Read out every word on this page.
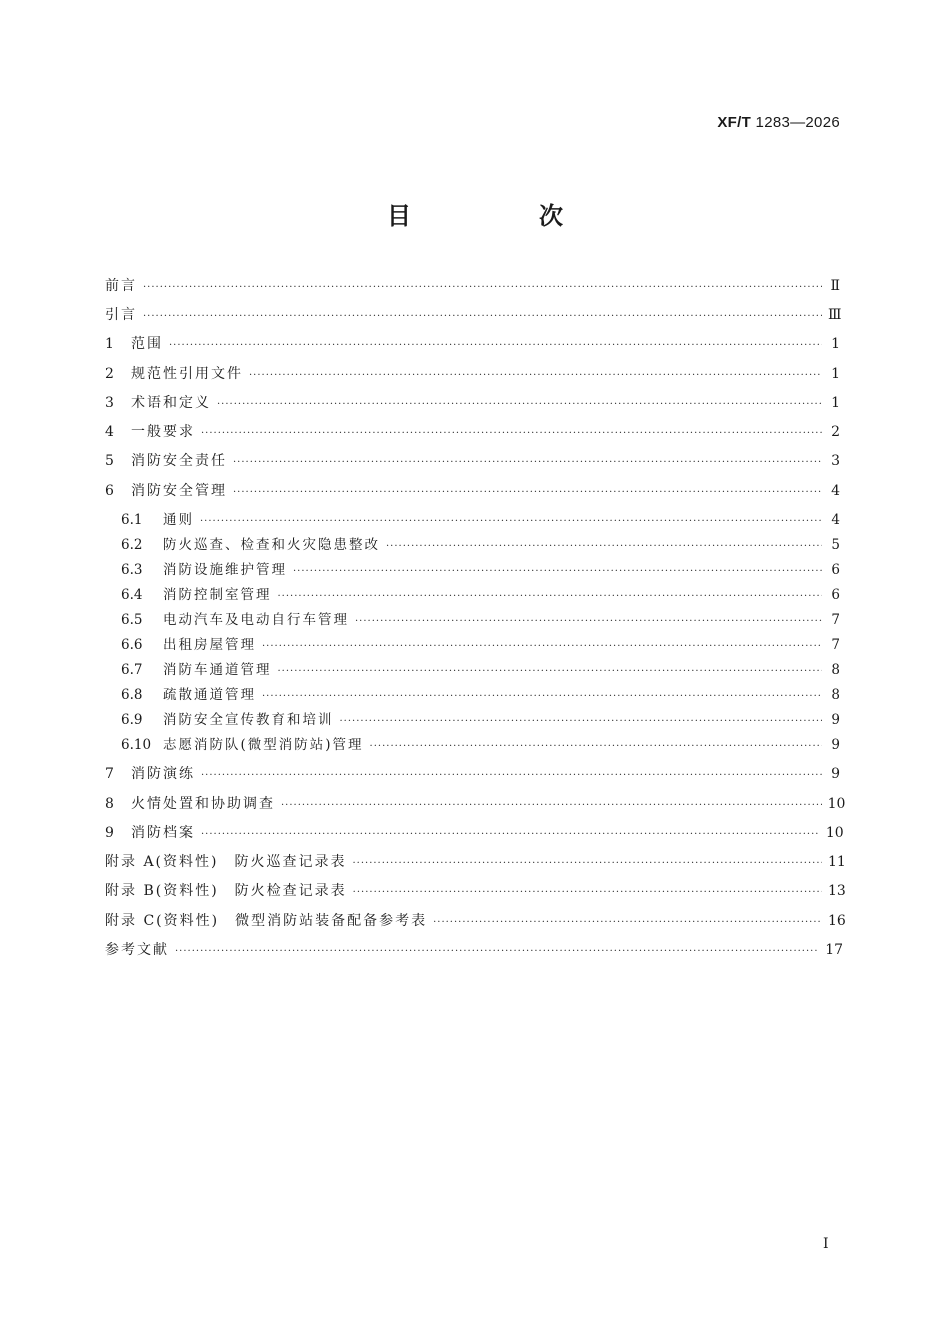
XF/T 1283—2026
目　次
前言 ·····	Ⅱ
引言 ·····	Ⅲ
1	范围 ·····	1
2	规范性引用文件 ·····	1
3	术语和定义 ·····	1
4	一般要求 ·····	2
5	消防安全责任 ·····	3
6	消防安全管理 ·····	4
6.1	通则 ·····	4
6.2	防火巡查、检查和火灾隐患整改 ·····	5
6.3	消防设施维护管理 ·····	6
6.4	消防控制室管理 ·····	6
6.5	电动汽车及电动自行车管理 ·····	7
6.6	出租房屋管理 ·····	7
6.7	消防车通道管理 ·····	8
6.8	疏散通道管理 ·····	8
6.9	消防安全宣传教育和培训 ·····	9
6.10 志愿消防队(微型消防站)管理 ·····	9
7	消防演练 ·····	9
8	火情处置和协助调查 ·····	10
9	消防档案 ·····	10
附录 A(资料性)　防火巡查记录表 ·····	11
附录 B(资料性)　防火检查记录表 ·····	13
附录 C(资料性)　微型消防站装备配备参考表 ·····	16
参考文献 ·····	17
Ⅰ
